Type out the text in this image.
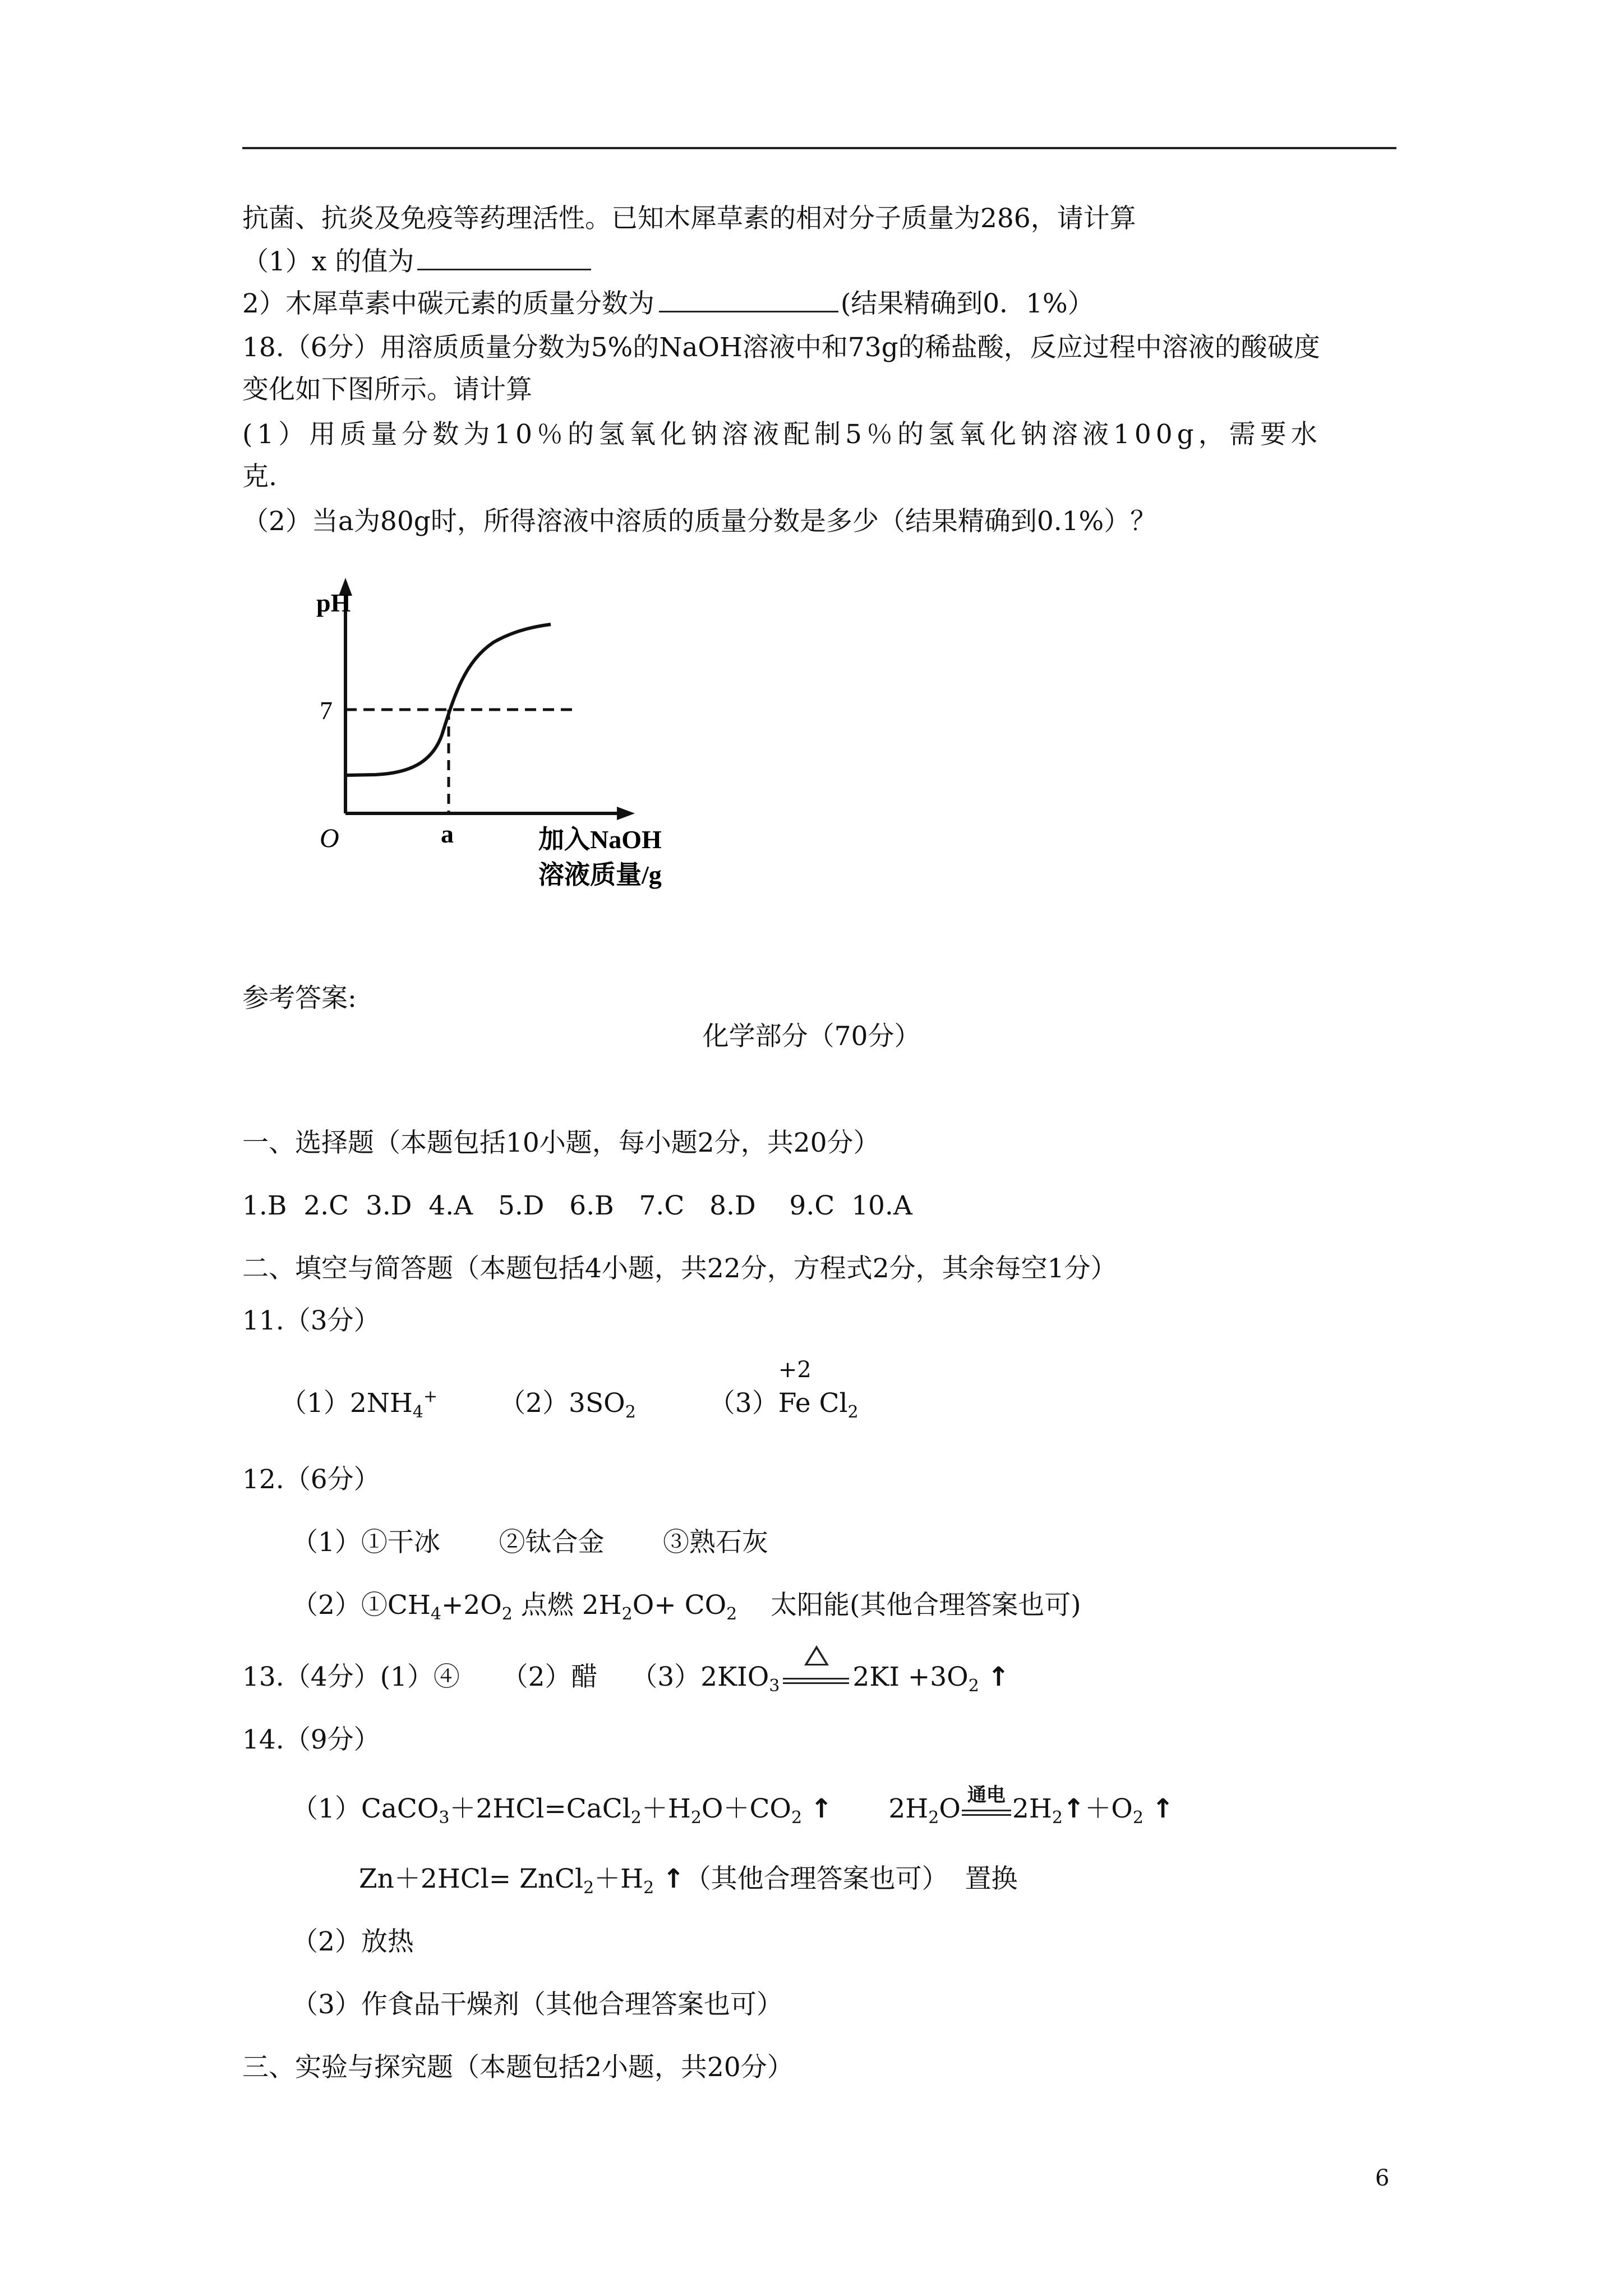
抗菌、抗炎及免疫等药理活性。已知木犀草素的相对分子质量为286，请计算
（1）x 的值为
2）木犀草素中碳元素的质量分数为	(结果精确到0．1%）
18.（6分）用溶质质量分数为5%的NaOH溶液中和73g的稀盐酸，反应过程中溶液的酸破度
变化如下图所示。请计算
(1）用质量分数为10％的氢氧化钠溶液配制5％的氢氧化钠溶液100g，需要水
克.
（2）当a为80g时，所得溶液中溶质的质量分数是多少（结果精确到0.1%）？
pH
7
O	a	加入NaOH
溶液质量/g
参考答案:
化学部分（70分）
一、选择题（本题包括10小题，每小题2分，共20分）
1.B  2.C  3.D  4.A   5.D   6.B   7.C   8.D    9.C  10.A
二、填空与简答题（本题包括4小题，共22分，方程式2分，其余每空1分）
11.（3分）
$(1)2NH_4^+$ $(2)3SO_2$	（3）
+2
Fe $Cl_2$
12.（6分）
（1）①干冰       ②钛合金       ③熟石灰
$(2)①CH_4+2O_2$ 点燃 $2H_2O+ CO_2$    太阳能(其他合理答案也可)
13.（4分）(1）④     （2）醋    $(3)2KIO_3$	$2KI +3O_2$ ↑
14.（9分）
$(1)CaCO_3+2HCl=CaCl_2+H_2O+CO_2$ ↑ $2H_2O$ 通电 $2H_2↑+O_2$ ↑
$Zn+2HCl= ZnCl_2+H_2$ ↑（其他合理答案也可）  置换
（2）放热
（3）作食品干燥剂（其他合理答案也可）
三、实验与探究题（本题包括2小题，共20分）
6
